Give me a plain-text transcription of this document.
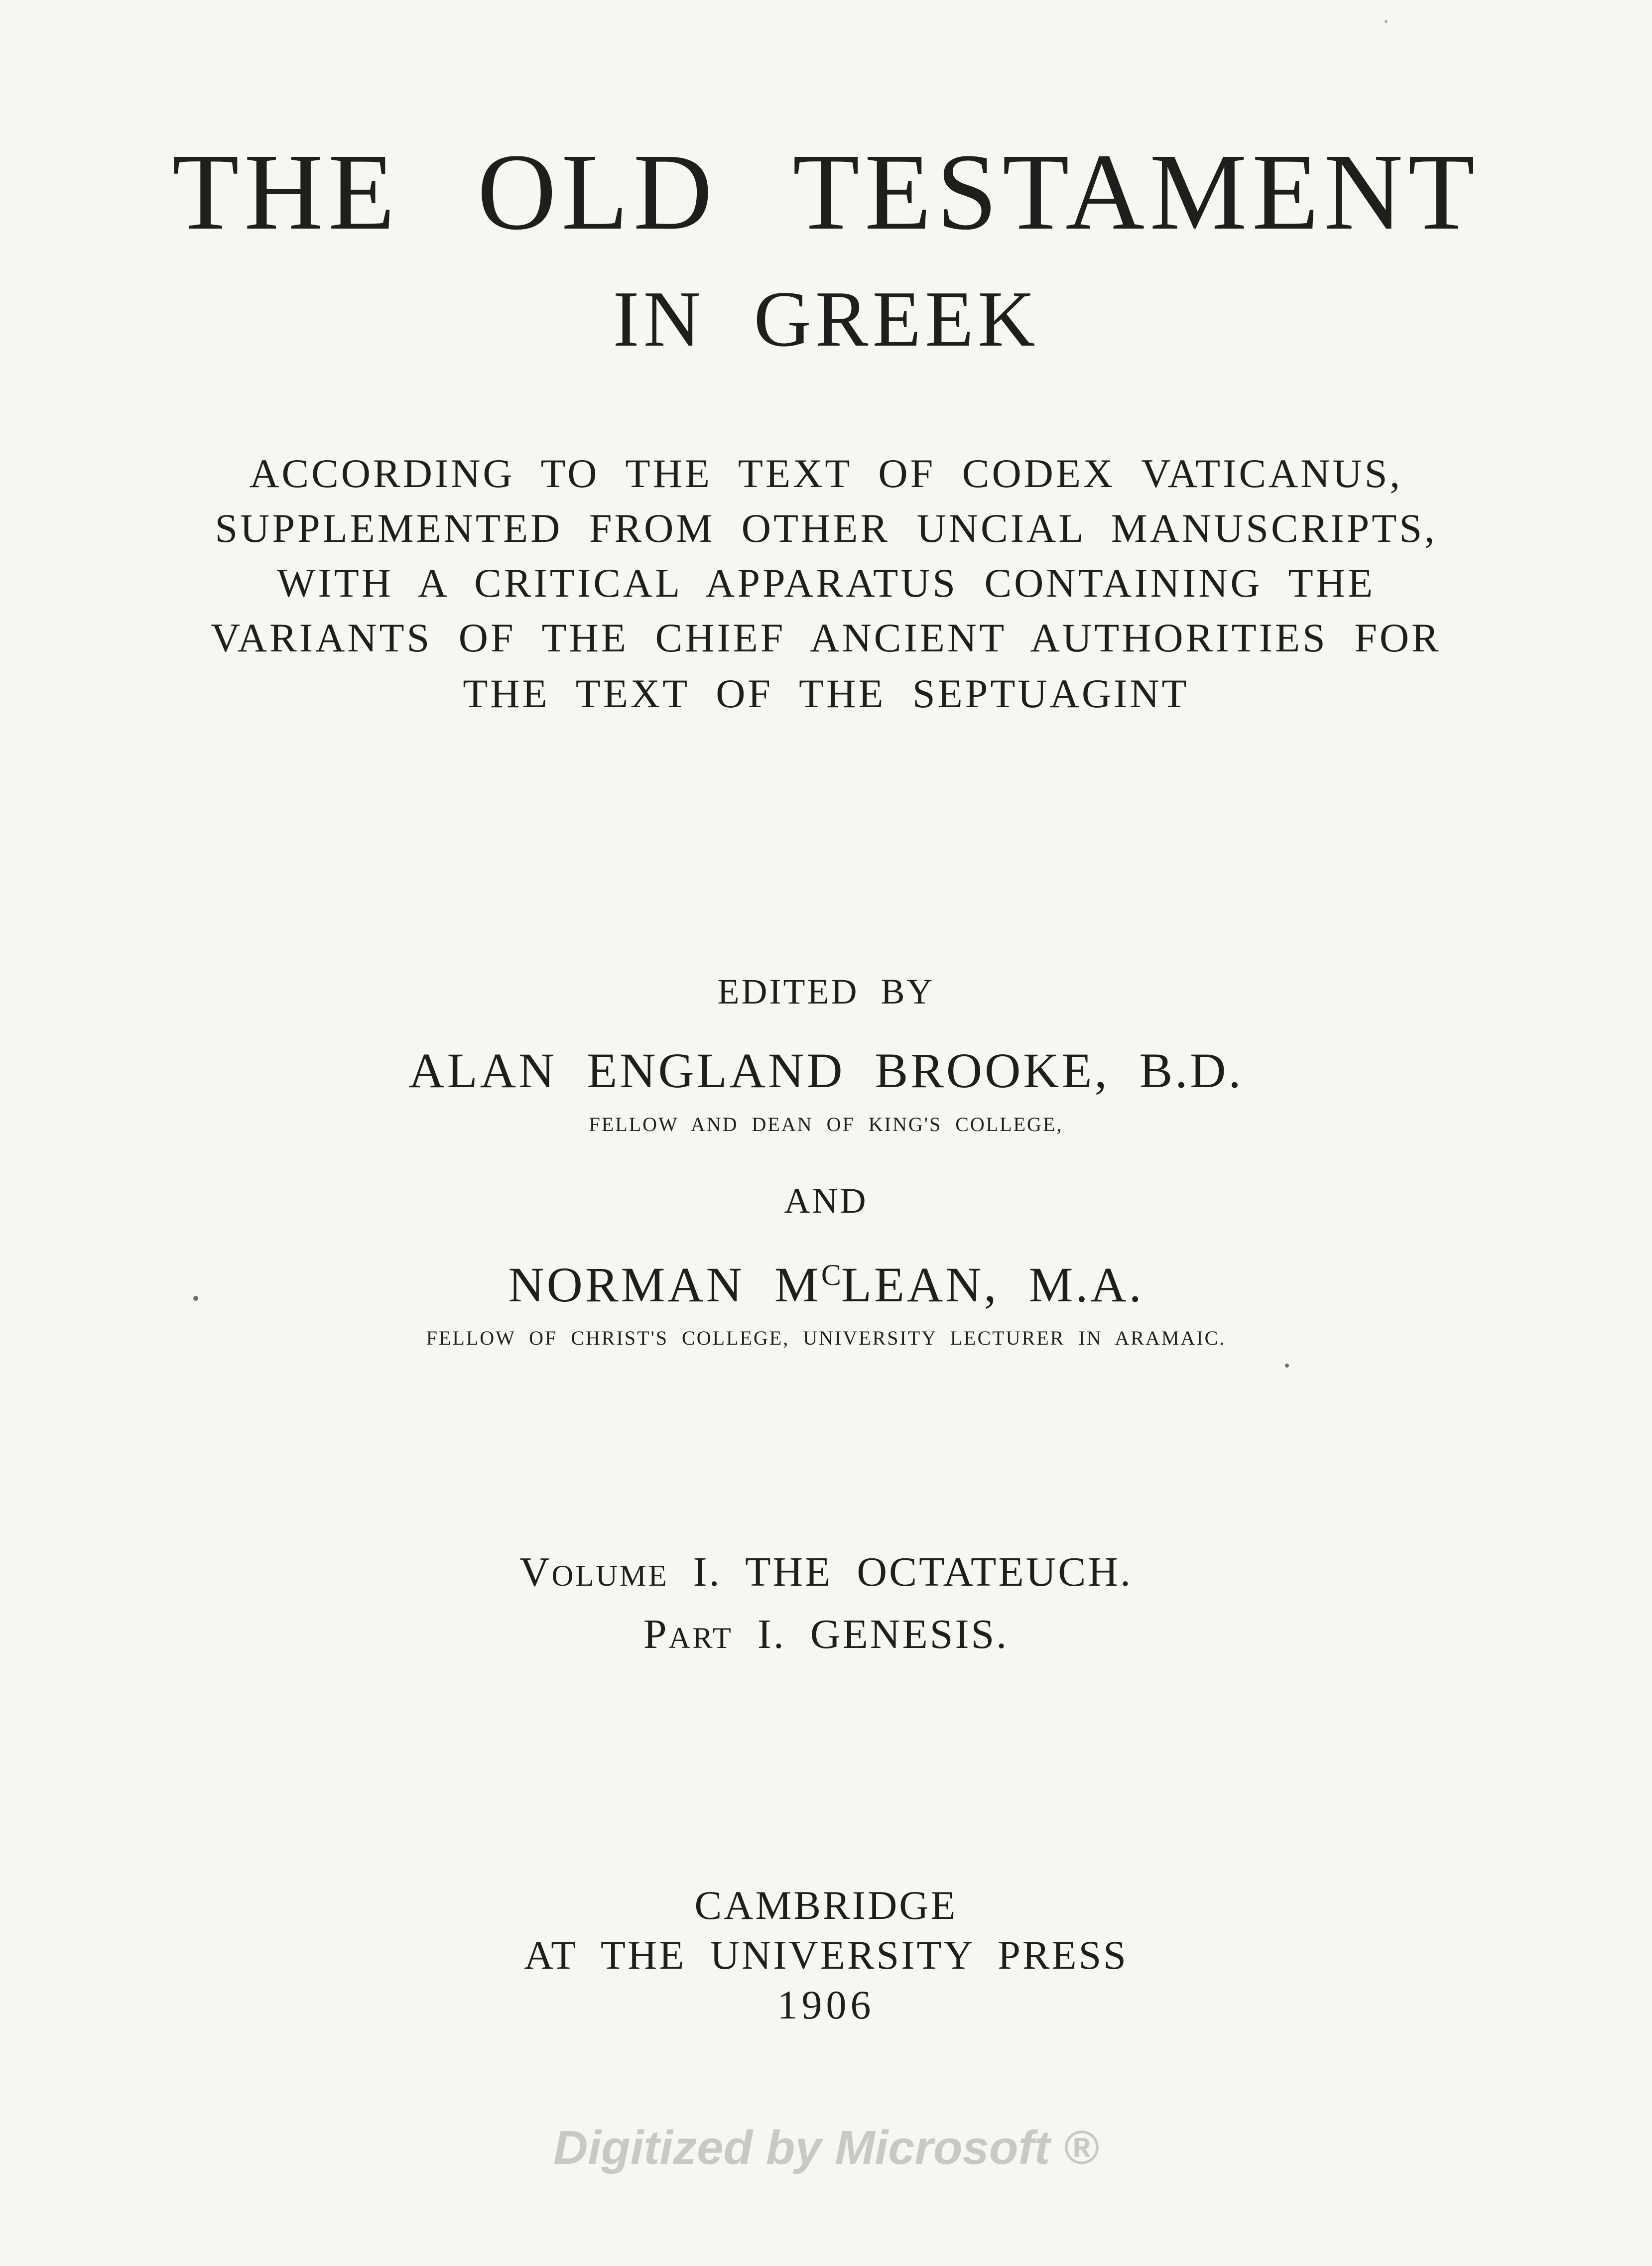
THE OLD TESTAMENT
IN GREEK
ACCORDING TO THE TEXT OF CODEX VATICANUS,
SUPPLEMENTED FROM OTHER UNCIAL MANUSCRIPTS,
WITH A CRITICAL APPARATUS CONTAINING THE
VARIANTS OF THE CHIEF ANCIENT AUTHORITIES FOR
THE TEXT OF THE SEPTUAGINT
EDITED BY
ALAN ENGLAND BROOKE, B.D.
FELLOW AND DEAN OF KING'S COLLEGE,
AND
NORMAN $M^CLEAN$, M.A.
FELLOW OF CHRIST'S COLLEGE, UNIVERSITY LECTURER IN ARAMAIC.
VOLUME I. THE OCTATEUCH.
PART I. GENESIS.
CAMBRIDGE
AT THE UNIVERSITY PRESS
1906
Digitized by Microsoft ®
